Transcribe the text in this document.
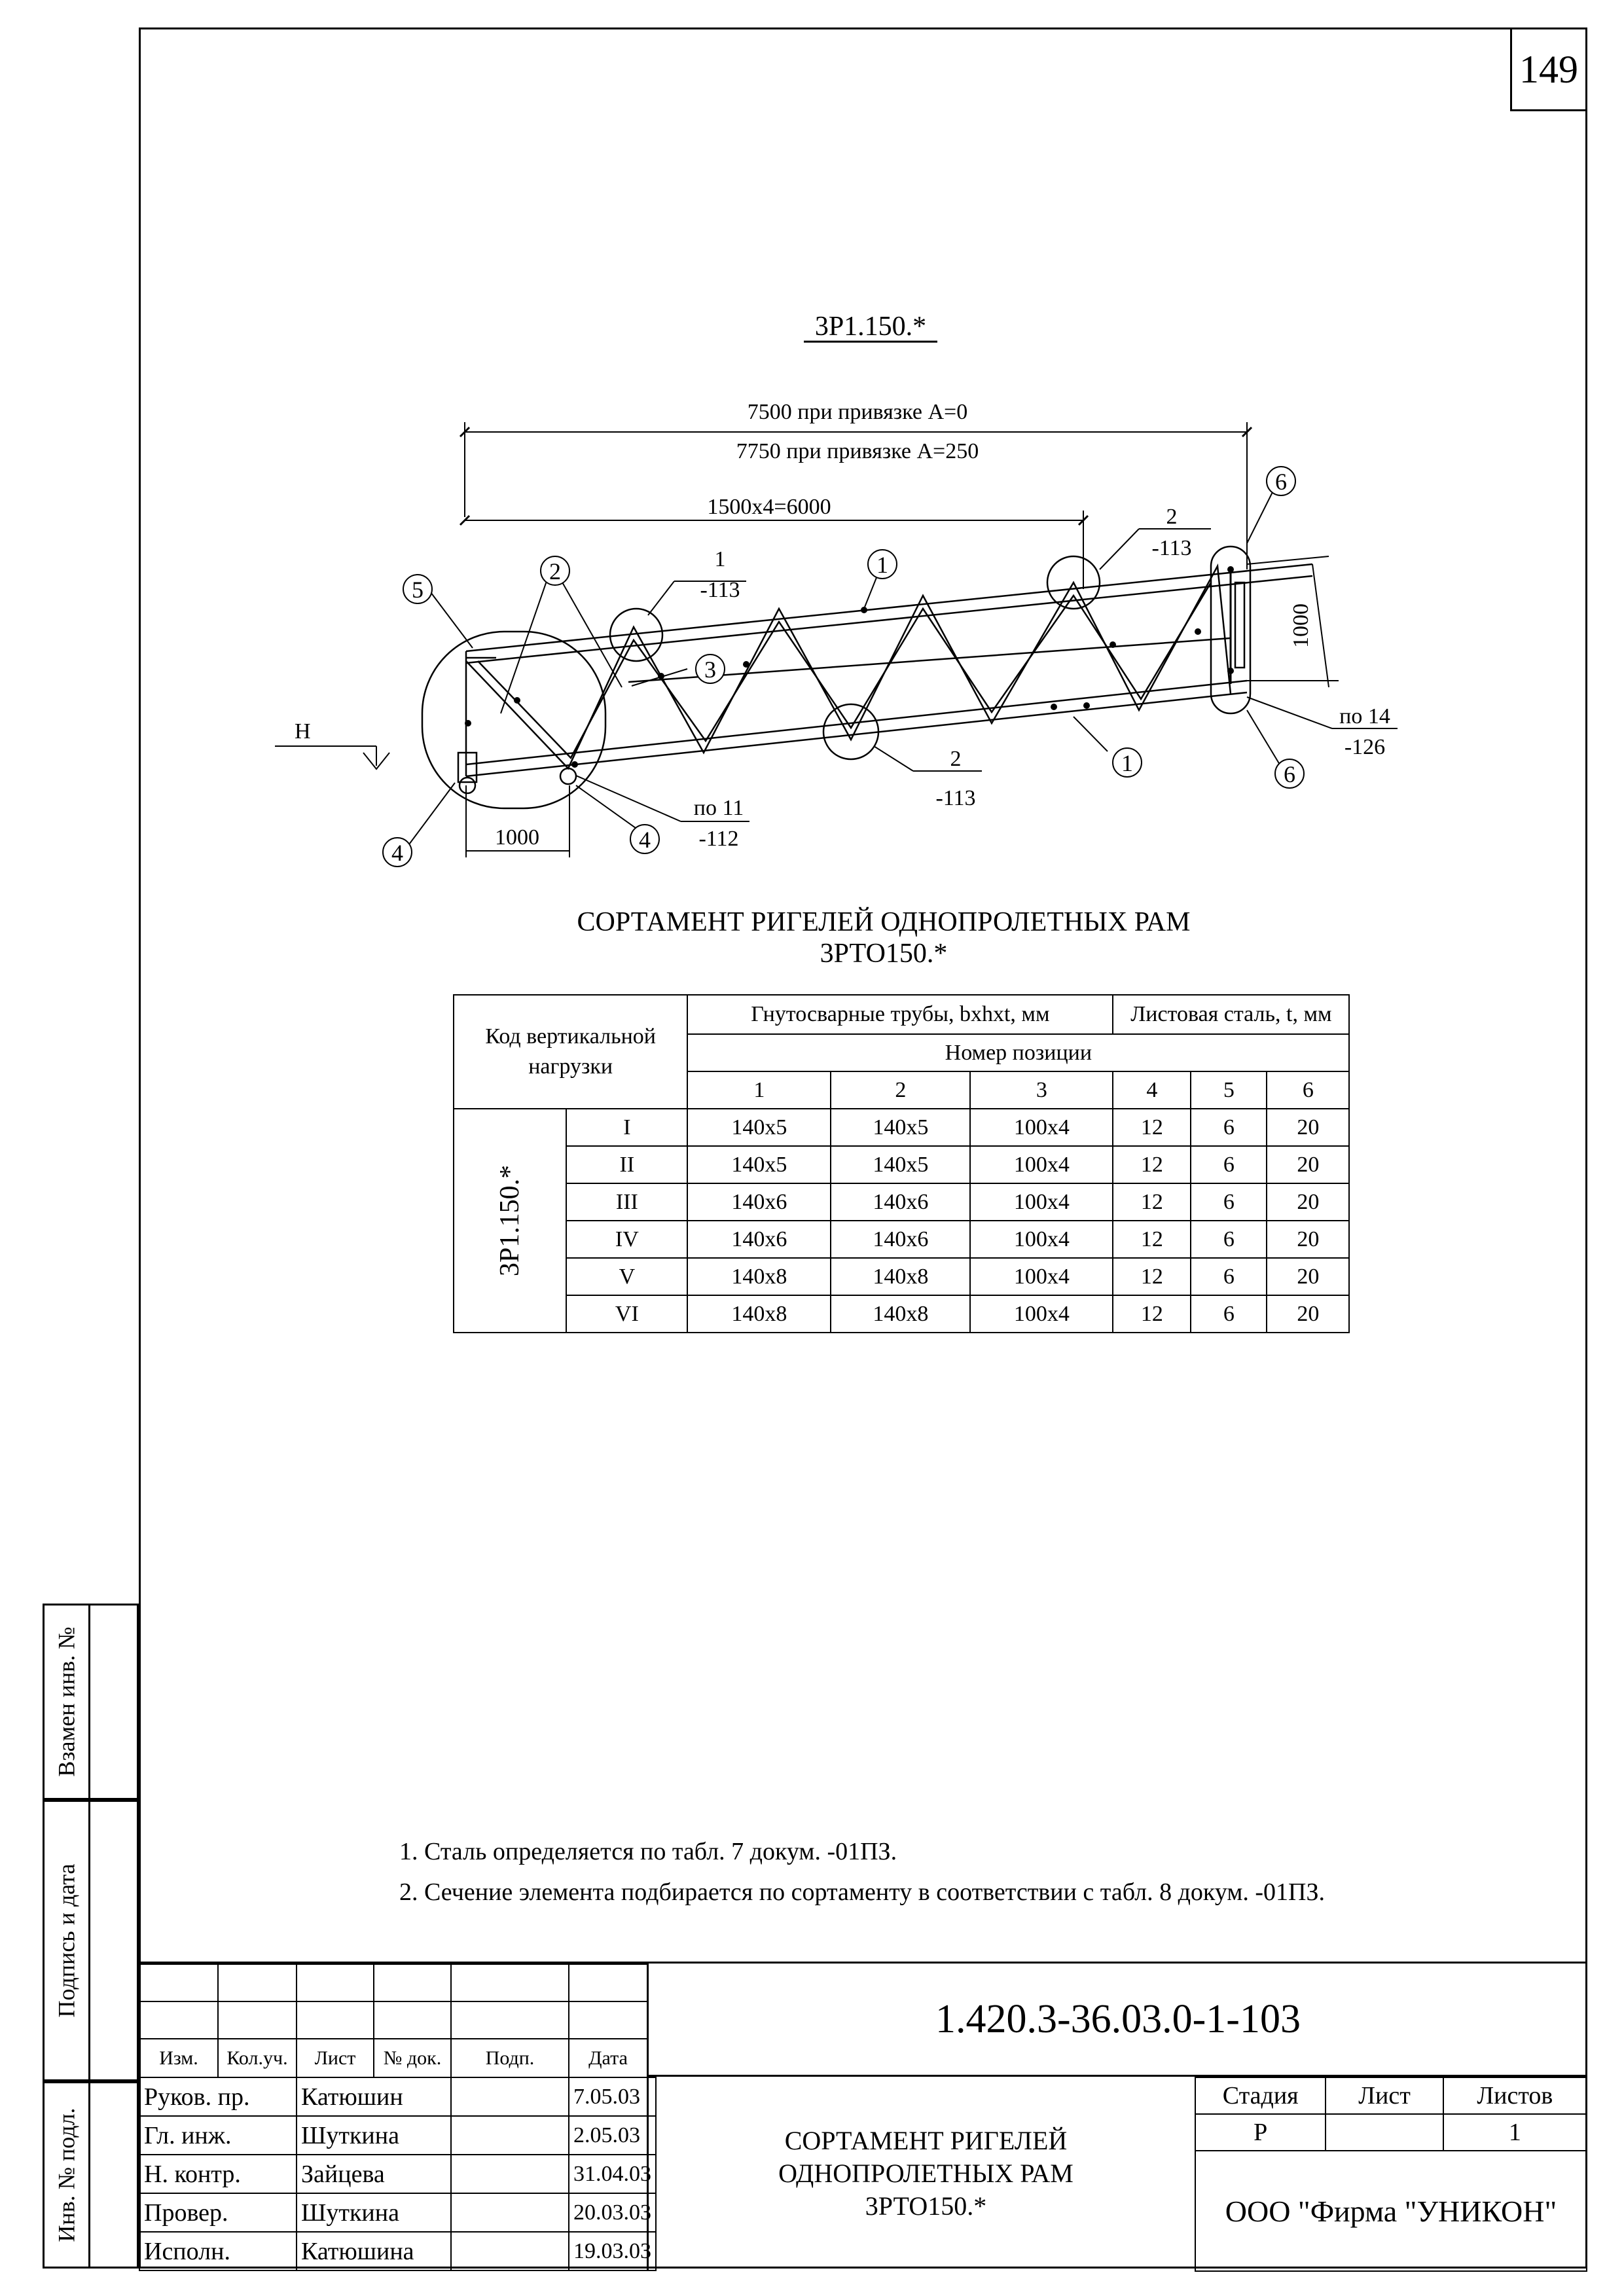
149
3Р1.150.*
7500 при привязке А=0
7750 при привязке А=250
1500x4=6000
1000
1000
Н
1
-113
2
-113
2
-113
по 11
-112
по 14
-126
1
1
2
3
4	4
5
6
6
СОРТАМЕНТ РИГЕЛЕЙ ОДНОПРОЛЕТНЫХ РАМ
3РТО150.*
Код вертикальной нагрузки		Гнутосварные трубы, bxhxt, мм			Листовая сталь, t, мм		
		Номер позиции					
		1	2	3	4	5	6
3Р1.150.*	I	140x5	140x5	100x4	12	6	20
	II	140x5	140x5	100x4	12	6	20
	III	140x6	140x6	100x4	12	6	20
	IV	140x6	140x6	100x4	12	6	20
	V	140x8	140x8	100x4	12	6	20
	VI	140x8	140x8	100x4	12	6	20
1. Сталь определяется по табл. 7 докум. -01ПЗ.
2. Сечение элемента подбирается по сортаменту в соответствии с табл. 8 докум. -01ПЗ.
Взамен инв. №
Подпись и дата
Инв. № подл.

Изм.	Кол.уч.	Лист	№ док.	Подп.	Дата
Руков. пр.	Катюшин		7.05.03
Гл. инж.	Шуткина		2.05.03
Н. контр.	Зайцева		31.04.03
Провер.	Шуткина		20.03.03
Исполн.	Катюшина		19.03.03
1.420.3-36.03.0-1-103
СОРТАМЕНТ РИГЕЛЕЙ
ОДНОПРОЛЕТНЫХ РАМ
3РТО150.*
Стадия	Лист	Листов
Р		1
ООО "Фирма "УНИКОН"		
